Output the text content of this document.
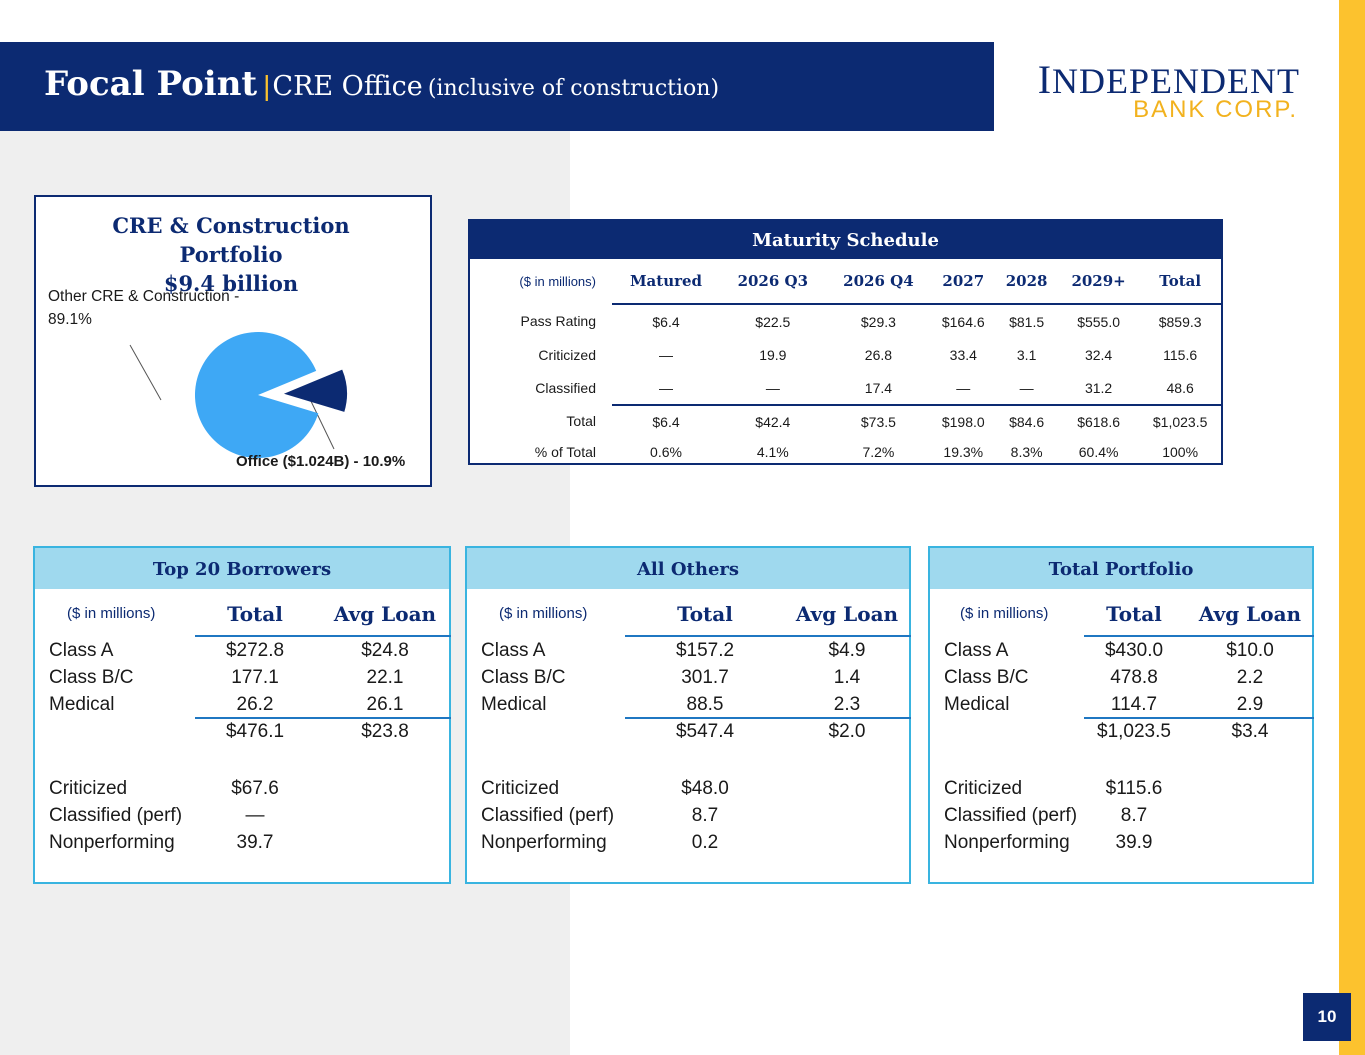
Focal Point |CRE Office (inclusive of construction)	INDEPENDENT
BANK CORP.
CRE & Construction
Portfolio
$9.4 billion
Other CRE & Construction - 89.1%
Office ($1.024B) - 10.9%
Maturity Schedule
($ in millions)	Matured	2026 Q3	2026 Q4	2027	2028	2029+	Total
Pass Rating	$6.4	$22.5	$29.3	$164.6	$81.5	$555.0	$859.3
Criticized	—	19.9	26.8	33.4	3.1	32.4	115.6
Classified	—	—	17.4	—	—	31.2	48.6
Total	$6.4	$42.4	$73.5	$198.0	$84.6	$618.6	$1,023.5
% of Total	0.6%	4.1%	7.2%	19.3%	8.3%	60.4%	100%
Top 20 Borrowers
($ in millions)	Total	Avg Loan
Class A	$272.8	$24.8
Class B/C	177.1	22.1
Medical	26.2	26.1
$476.1	$23.8
Criticized	$67.6
Classified (perf)	—
Nonperforming	39.7
All Others
($ in millions)	Total	Avg Loan
Class A	$157.2	$4.9
Class B/C	301.7	1.4
Medical	88.5	2.3
$547.4	$2.0
Criticized	$48.0
Classified (perf)	8.7
Nonperforming	0.2
Total Portfolio
($ in millions)	Total	Avg Loan
Class A	$430.0	$10.0
Class B/C	478.8	2.2
Medical	114.7	2.9
$1,023.5	$3.4
Criticized	$115.6
Classified (perf)	8.7
Nonperforming	39.9
10
